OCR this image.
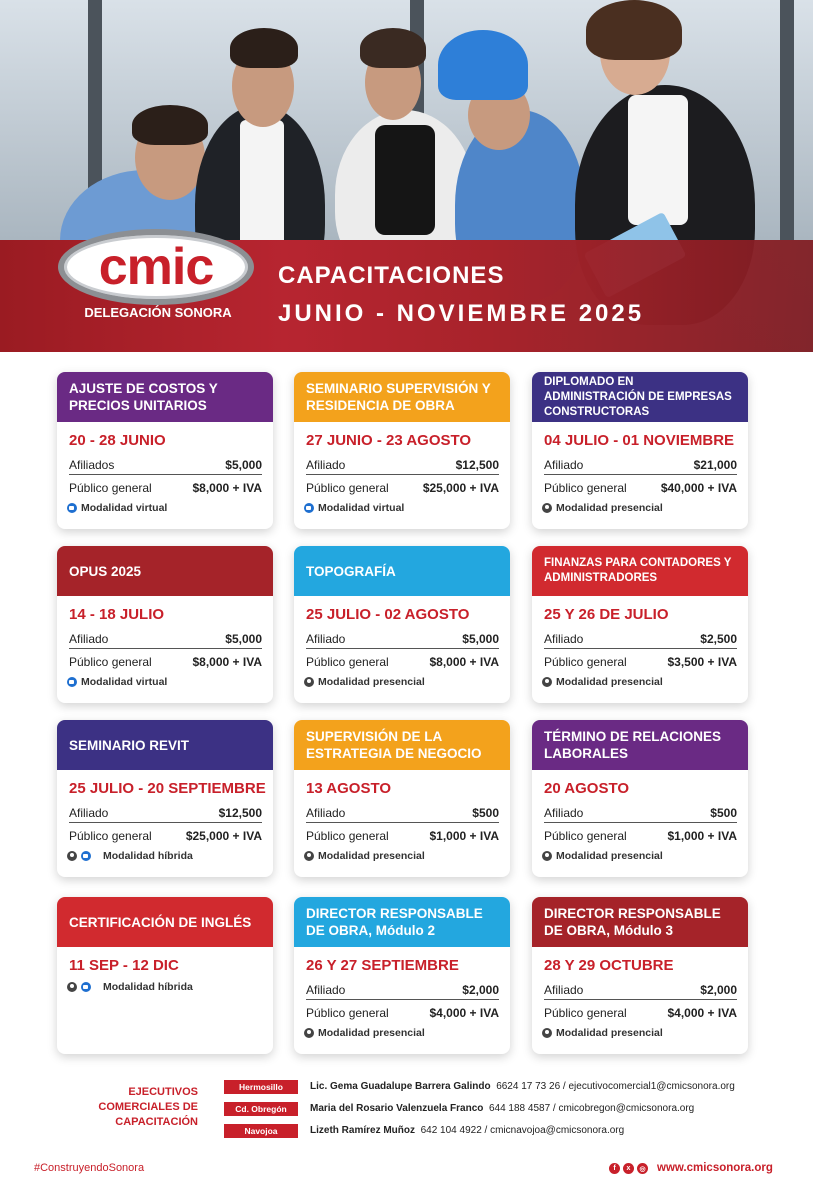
cmic
DELEGACIÓN SONORA
CAPACITACIONES
JUNIO - NOVIEMBRE 2025
AJUSTE DE COSTOS Y PRECIOS UNITARIOS
20 - 28 JUNIO
Afiliados	$5,000
Público general	$8,000 + IVA
Modalidad virtual
SEMINARIO SUPERVISIÓN Y RESIDENCIA DE OBRA
27 JUNIO - 23 AGOSTO
Afiliado	$12,500
Público general	$25,000 + IVA
Modalidad virtual
DIPLOMADO EN ADMINISTRACIÓN DE EMPRESAS CONSTRUCTORAS
04 JULIO - 01 NOVIEMBRE
Afiliado	$21,000
Público general	$40,000 + IVA
Modalidad presencial
OPUS 2025
14 - 18 JULIO
Afiliado	$5,000
Público general	$8,000 + IVA
Modalidad virtual
TOPOGRAFÍA
25 JULIO - 02 AGOSTO
Afiliado	$5,000
Público general	$8,000 + IVA
Modalidad presencial
FINANZAS PARA CONTADORES Y ADMINISTRADORES
25 Y 26 DE JULIO
Afiliado	$2,500
Público general	$3,500 + IVA
Modalidad presencial
SEMINARIO REVIT
25 JULIO - 20 SEPTIEMBRE
Afiliado	$12,500
Público general	$25,000 + IVA
Modalidad híbrida
SUPERVISIÓN DE LA ESTRATEGIA DE NEGOCIO
13 AGOSTO
Afiliado	$500
Público general	$1,000 + IVA
Modalidad presencial
TÉRMINO DE RELACIONES LABORALES
20 AGOSTO
Afiliado	$500
Público general	$1,000 + IVA
Modalidad presencial
CERTIFICACIÓN DE INGLÉS
11 SEP - 12 DIC
Modalidad híbrida
DIRECTOR RESPONSABLE DE OBRA, Módulo 2
26 Y 27 SEPTIEMBRE
Afiliado	$2,000
Público general	$4,000 + IVA
Modalidad presencial
DIRECTOR RESPONSABLE DE OBRA, Módulo 3
28 Y 29 OCTUBRE
Afiliado	$2,000
Público general	$4,000 + IVA
Modalidad presencial
EJECUTIVOS COMERCIALES DE CAPACITACIÓN
Hermosillo	Lic. Gema Guadalupe Barrera Galindo 6624 17 73 26 / ejecutivocomercial1@cmicsonora.org
Cd. Obregón	Maria del Rosario Valenzuela Franco 644 188 4587 / cmicobregon@cmicsonora.org
Navojoa	Lizeth Ramírez Muñoz 642 104 4922 / cmicnavojoa@cmicsonora.org
#ConstruyendoSonora	f	x	◎ www.cmicsonora.org
